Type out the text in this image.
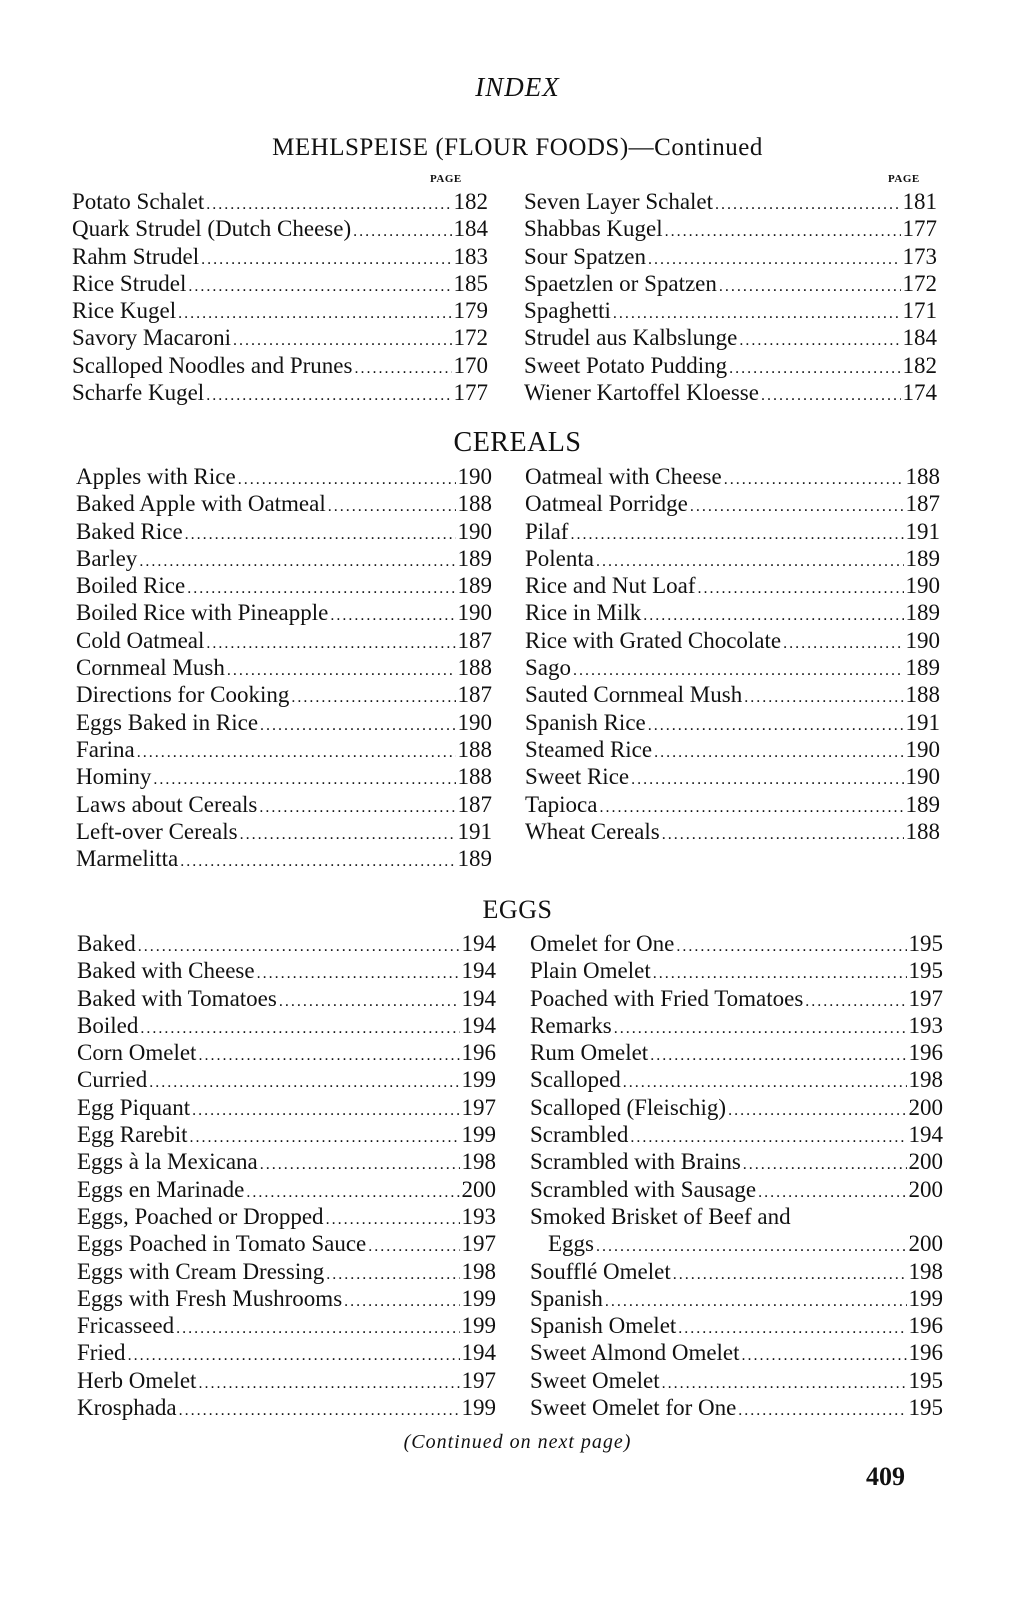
INDEX
MEHLSPEISE (FLOUR FOODS)—Continued
PAGE	PAGE
Potato Schalet .....	182
Quark Strudel (Dutch Cheese) .....	184
Rahm Strudel .....	183
Rice Strudel .....	185
Rice Kugel .....	179
Savory Macaroni .....	172
Scalloped Noodles and Prunes .....	170
Scharfe Kugel .....	177
Seven Layer Schalet .....	181
Shabbas Kugel .....	177
Sour Spatzen .....	173
Spaetzlen or Spatzen .....	172
Spaghetti .....	171
Strudel aus Kalbslunge .....	184
Sweet Potato Pudding .....	182
Wiener Kartoffel Kloesse .....	174
CEREALS
Apples with Rice .....	190
Baked Apple with Oatmeal .....	188
Baked Rice .....	190
Barley .....	189
Boiled Rice .....	189
Boiled Rice with Pineapple .....	190
Cold Oatmeal .....	187
Cornmeal Mush .....	188
Directions for Cooking .....	187
Eggs Baked in Rice .....	190
Farina .....	188
Hominy .....	188
Laws about Cereals .....	187
Left-over Cereals .....	191
Marmelitta .....	189
Oatmeal with Cheese .....	188
Oatmeal Porridge .....	187
Pilaf .....	191
Polenta .....	189
Rice and Nut Loaf .....	190
Rice in Milk .....	189
Rice with Grated Chocolate .....	190
Sago .....	189
Sauted Cornmeal Mush .....	188
Spanish Rice .....	191
Steamed Rice .....	190
Sweet Rice .....	190
Tapioca .....	189
Wheat Cereals .....	188
EGGS
Baked .....	194
Baked with Cheese .....	194
Baked with Tomatoes .....	194
Boiled .....	194
Corn Omelet .....	196
Curried .....	199
Egg Piquant .....	197
Egg Rarebit .....	199
Eggs à la Mexicana .....	198
Eggs en Marinade .....	200
Eggs, Poached or Dropped .....	193
Eggs Poached in Tomato Sauce .....	197
Eggs with Cream Dressing .....	198
Eggs with Fresh Mushrooms .....	199
Fricasseed .....	199
Fried .....	194
Herb Omelet .....	197
Krosphada .....	199
Omelet for One .....	195
Plain Omelet .....	195
Poached with Fried Tomatoes .....	197
Remarks .....	193
Rum Omelet .....	196
Scalloped .....	198
Scalloped (Fleischig) .....	200
Scrambled .....	194
Scrambled with Brains .....	200
Scrambled with Sausage .....	200
Smoked Brisket of Beef and
Eggs .....	200
Soufflé Omelet .....	198
Spanish .....	199
Spanish Omelet .....	196
Sweet Almond Omelet .....	196
Sweet Omelet .....	195
Sweet Omelet for One .....	195
(Continued on next page)
409
